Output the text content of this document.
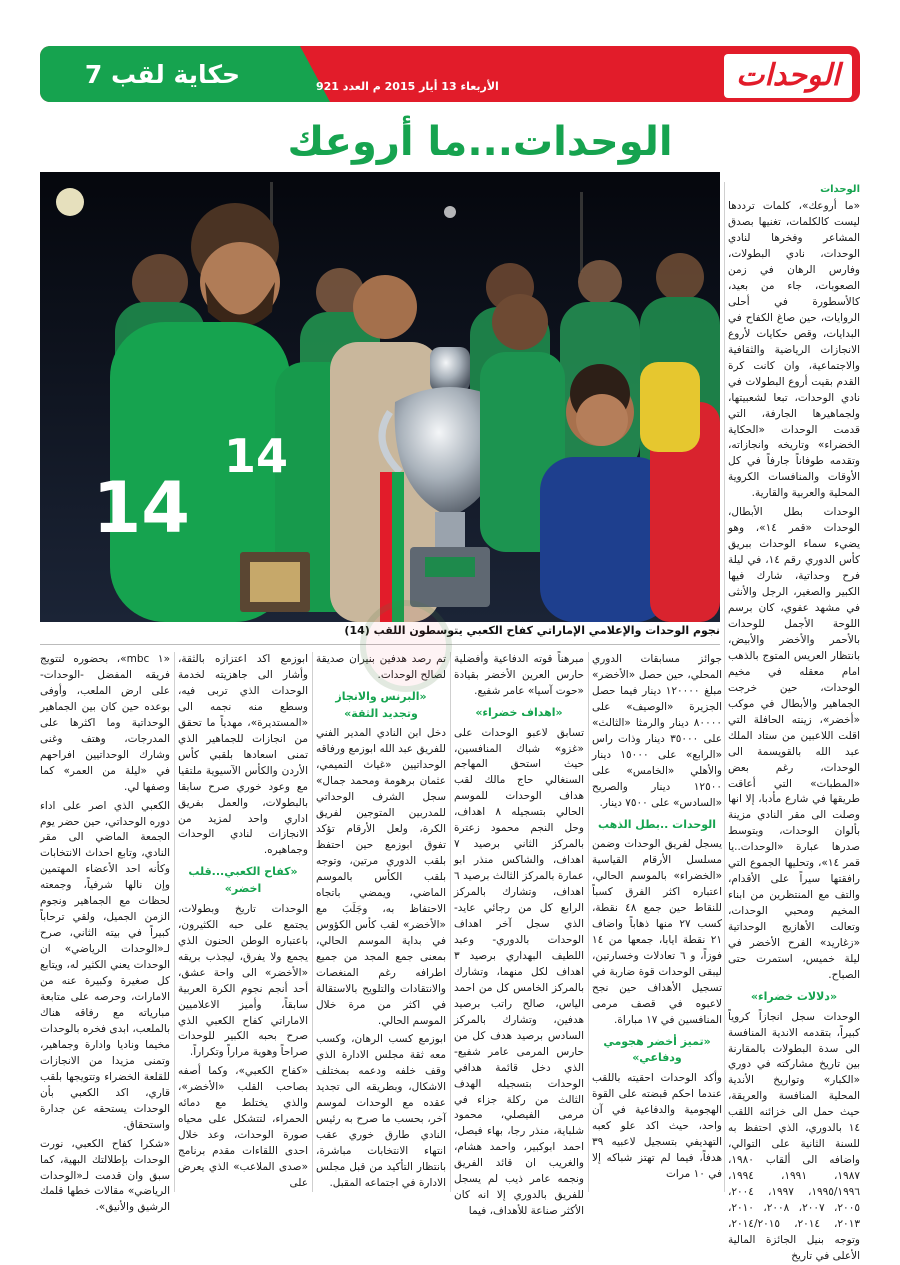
حكاية لقب 7	الأربعاء 13 أيار 2015 م العدد 921	الوحدات
الوحدات...ما أروعك
14
14
نجوم الوحدات والإعلامي الإماراتي كفاح الكعبي يتوسطون اللقب (14)

الوحدات

«ما أروعك»، كلمات ترددها ليست كالكلمات، تغنيها بصدق المشاعر وفخرها لنادي الوحدات، نادي البطولات، وفارس الرهان في زمن الصعوبات، جاء من بعيد، كالأسطورة في أحلى الروايات، حين صاغ الكفاح في البدايات، وقص حكايات لأروع الانجازات الرياضية والثقافية والاجتماعية، وان كانت كرة القدم بقيت أروع البطولات في نادي الوحدات، تبعا لشعبيتها، ولجماهيرها الجارفة، التي قدمت الوحدات «الحكاية الخضراء» وتاريخه وانجازاته، وتقدمه طوفاناً جارفاً في كل الأوقات والمنافسات الكروية المحلية والعربية والقارية.

الوحدات بطل الأبطال، الوحدات «قمر ١٤»، وهو يضيء سماء الوحدات ببريق كأس الدوري رقم ١٤، في ليلة فرح وحداتية، شارك فيها الكبير والصغير، الرجل والأنثى في مشهد عفوي، كان برسم اللوحة الأجمل للوحدات بالأحمر والأخضر والأبيض، بانتظار العريس المتوج بالذهب امام معقله في مخيم الوحدات، حين خرجت الجماهير والأبطال في موكب «أخضر»، زينته الحافلة التي اقلت اللاعبين من ستاد الملك عبد الله بالقويسمة الى الوحدات، رغم بعض «المطبات» التي أعاقت طريقها في شارع مأدبا، إلا انها وصلت الى مقر النادي مزينة بألوان الوحدات، وبتوسط صدرها عبارة «الوحدات..يا قمر ١٤»، وتحليها الجموع التي رافقتها سيراً على الأقدام، والتف مع المنتظرين من ابناء المخيم ومحبي الوحدات، وتعالت الأهازيج الوحداتية «زغاريد» الفرح الأخضر في ليلة خميس، استمرت حتى الصباح.

«دلالات خضراء»

الوحدات سجل انجازاً كروياً كبيراً، بتقدمه الاندية المنافسة الى سدة البطولات بالمقارنة بين تاريخ مشاركته في دوري «الكبار» وتواريخ الأندية المحلية المنافسة والعريقة، حيث حمل الى خزائنه اللقب ١٤ بالدوري، الذي احتفظ به للسنة الثانية على التوالي، واضافه الى ألقاب ١٩٨٠، ١٩٨٧، ١٩٩١، ١٩٩٤، ١٩٩٥/١٩٩٦، ١٩٩٧، ٢٠٠٤، ٢٠٠٥، ٢٠٠٧، ٢٠٠٨، ٢٠١٠، ٢٠١٣، ٢٠١٤، ٢٠١٤/٢٠١٥، وتوجه بنيل الجائزة المالية الأعلى في تاريخ

جوائز مسابقات الدوري المحلي، حين حصل «الأخضر» مبلغ ١٢٠٠٠٠ دينار فيما حصل الجزيرة «الوصيف» على ٨٠٠٠٠ دينار والرمثا «الثالث» على ٣٥٠٠٠ دينار وذات راس «الرابع» على ١٥٠٠٠ دينار والأهلي «الخامس» على ١٢٥٠٠ دينار والصريح «السادس» على ٧٥٠٠ دينار.

الوحدات ..بطل الذهب

يسجل لفريق الوحدات وضمن مسلسل الأرقام القياسية «الخضراء» بالموسم الحالي، اعتباره اكثر الفرق كسباً للنقاط حين جمع ٤٨ نقطة، كسب ٢٧ منها ذهاباً واضاف ٢١ نقطة ايابا، جمعها من ١٤ فوزاً، و ٦ تعادلات وخسارتين، ليبقى الوحدات قوة ضاربة في تسجيل الأهداف حين نجح لاعبوه في قصف مرمى المنافسين في ١٧ مباراة.

«تميز أخضر هجومي ودفاعي»

وأكد الوحدات احقيته باللقب عندما احكم قبضته على القوة الهجومية والدفاعية في آن واحد، حيث اكد علو كعبه التهديفي بتسجيل لاعبيه ٣٩ هدفاً، فيما لم تهتز شباكه إلا في ١٠ مرات

مبرهناً قوته الدفاعية وأفضلية حارس العرين الأخضر بقيادة «حوت آسيا» عامر شفيع.

«اهداف خضراء»

تسابق لاعبو الوحدات على «غزو» شباك المنافسين، حيث استحق المهاجم السنغالي حاج مالك لقب هداف الوحدات للموسم الحالي بتسجيله ٨ اهداف، وحل النجم محمود زعترة بالمركز الثاني برصيد ٧ اهداف، والشاكس منذر ابو عمارة بالمركز الثالث برصيد ٦ اهداف، وتشارك بالمركز الرابع كل من رجائي عايد-الذي سجل آخر اهداف الوحدات بالدوري- وعبد اللطيف البهداري برصيد ٣ اهداف لكل منهما، وتشارك بالمركز الخامس كل من احمد الياس، صالح راتب برصيد هدفين، وتشارك بالمركز السادس برصيد هدف كل من حارس المرمى عامر شفيع-الذي دخل قائمة هدافي الوحدات بتسجيله الهدف الثالث من ركلة جزاء في مرمى الفيصلي، محمود شلباية، منذر رجا، بهاء فيصل، احمد ابوكبير، واحمد هشام، والغريب ان قائد الفريق ونجمه عامر ذيب لم يسجل للفريق بالدوري إلا انه كان الأكثر صناعة للأهداف، فيما

تم رصد هدفين بنيران صديقة لصالح الوحدات.

«البرنس والانجاز وتجديد الثقة»

دخل ابن النادي المدير الفني للفريق عبد الله ابوزمع ورفاقه الوحداتيين «غياث التميمي، عثمان برهومة ومحمد جمال» سجل الشرف الوحداتي للمدربين المتوجين لفريق الكرة، ولعل الأرقام تؤكد تفوق ابوزمع حين احتفظ بلقب الدوري مرتين، وتوجه بلقب الكأس بالموسم الماضي، ويمضي باتجاه الاحتفاظ به، وجَلَبَ مع «الأخضر» لقب كأس الكؤوس في بداية الموسم الحالي، بمعنى جمع المجد من جميع اطرافه رغم المنغصات والانتقادات والتلويح بالاستقالة في اكثر من مرة خلال الموسم الحالي.

ابوزمع كسب الرهان، وكسب معه ثقة مجلس الادارة الذي وقف خلفه ودعمه بمختلف الاشكال، وبطريقه الى تجديد عقده مع الوحدات لموسم آخر، بحسب ما صرح به رئيس النادي طارق خوري عقب انتهاء الانتخابات مباشرة، بانتظار التأكيد من قبل مجلس الادارة في اجتماعه المقبل.

ابوزمع اكد اعتزازه بالثقة، وأشار الى جاهزيته لخدمة الوحدات الذي تربى فيه، وسطع منه نجمه الى «المستديرة»، مهدياً ما تحقق من انجازات للجماهير الذي تمنى اسعادها بلقبي كأس الأردن والكأس الآسيوية ملتقيا مع وعود خوري صرح سابقا بالبطولات، والعمل بفريق اداري واحد لمزيد من الانجازات لنادي الوحدات وجماهيره.

«كفاح الكعبي...قلب اخضر»

الوحدات تاريخ وبطولات، يجتمع على حبه الكثيرون، باعتباره الوطن الحنون الذي يجمع ولا يفرق، ليجذب بريقه «الأخضر» الى واحة عشق، أحد أنجم نجوم الكرة العربية سابقاً، وأميز الاعلاميين الاماراتي كفاح الكعبي الذي صرح بحبه الكبير للوحدات صراحاً وهوية مراراً وتكراراً.

«كفاح الكعبي»، وكما أصفه بصاحب القلب «الأخضر»، والذي يختلط مع دمائه الحمراء، لتتشكل على محياه صورة الوحدات، وعد خلال احدى اللقاءات مقدم برنامج «صدى الملاعب» الذي يعرض على

«١ mbc»، بحضوره لتتويج فريقه المفضل -الوحدات- على ارض الملعب، وأوفى بوعده حين كان بين الجماهير الوحداتية وما اكثرها على المدرجات، وهتف وغنى وشارك الوحداتيين افراحهم في «ليلة من العمر» كما وصفها لي.

الكعبي الذي اصر على اداء دوره الوحداتي، حين حضر يوم الجمعة الماضي الى مقر النادي، وتابع احداث الانتخابات وكأنه احد الأعضاء المهتمين وإن نالها شرفياً، وجمعته لحظات مع الجماهير ونجوم الزمن الجميل، ولقي ترحاباً كبيراً في بيته الثاني، صرح لـ«الوحدات الرياضي» ان الوحدات يعني الكثير له، ويتابع كل صغيرة وكبيرة عنه من الامارات، وحرصه على متابعة مبارياته مع رفاقه هناك بالملعب، ابدى فخره بالوحدات مخيما وناديا وادارة وجماهير، وتمنى مزيدا من الانجازات للقلعة الخضراء وتتويجها بلقب قاري، اكد الكعبي بأن الوحدات يستحقه عن جدارة واستحقاق.

«شكرا كفاح الكعبي، نورت الوحدات بإطلالتك البهية، كما سبق وان قدمت لـ«الوحدات الرياضي» مقالات خطها قلمك الرشيق والأنيق».
